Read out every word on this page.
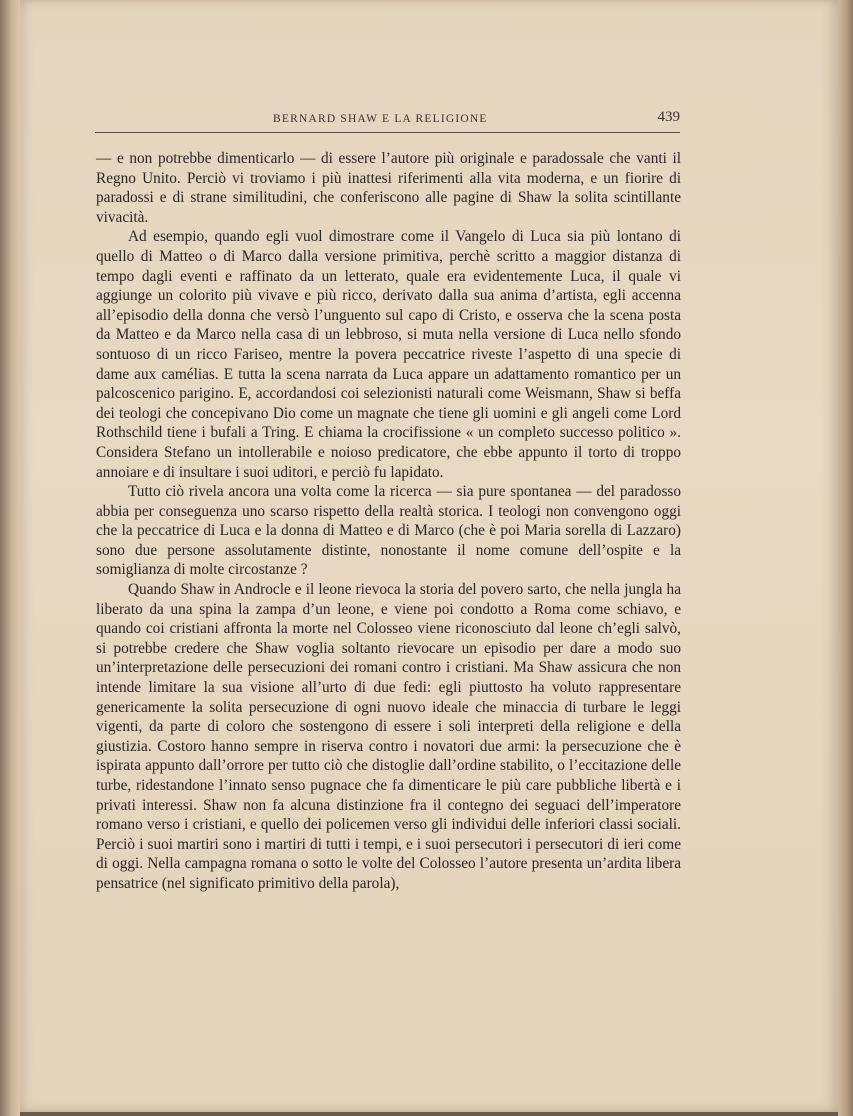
BERNARD SHAW E LA RELIGIONE	439

— e non potrebbe dimenticarlo — di essere l’autore più originale e paradossale che vanti il Regno Unito. Perciò vi troviamo i più inattesi riferimenti alla vita moderna, e un fiorire di paradossi e di strane similitudini, che conferiscono alle pagine di Shaw la solita scintillante vivacità.

Ad esempio, quando egli vuol dimostrare come il Vangelo di Luca sia più lontano di quello di Matteo o di Marco dalla versione primitiva, perchè scritto a maggior distanza di tempo dagli eventi e raffinato da un letterato, quale era evidentemente Luca, il quale vi aggiunge un colorito più vivave e più ricco, derivato dalla sua anima d’artista, egli accenna all’episodio della donna che versò l’unguento sul capo di Cristo, e osserva che la scena posta da Matteo e da Marco nella casa di un lebbroso, si muta nella versione di Luca nello sfondo sontuoso di un ricco Fariseo, mentre la povera peccatrice riveste l’aspetto di una specie di dame aux camélias. E tutta la scena narrata da Luca appare un adattamento romantico per un palcoscenico parigino. E, accordandosi coi selezionisti naturali come Weismann, Shaw si beffa dei teologi che concepivano Dio come un magnate che tiene gli uomini e gli angeli come Lord Rothschild tiene i bufali a Tring. E chiama la crocifissione « un completo successo politico ». Considera Stefano un intollerabile e noioso predicatore, che ebbe appunto il torto di troppo annoiare e di insultare i suoi uditori, e perciò fu lapidato.

Tutto ciò rivela ancora una volta come la ricerca — sia pure spontanea — del paradosso abbia per conseguenza uno scarso rispetto della realtà storica. I teologi non convengono oggi che la peccatrice di Luca e la donna di Matteo e di Marco (che è poi Maria sorella di Lazzaro) sono due persone assolutamente distinte, nonostante il nome comune dell’ospite e la somiglianza di molte circostanze ?

Quando Shaw in Androcle e il leone rievoca la storia del povero sarto, che nella jungla ha liberato da una spina la zampa d’un leone, e viene poi condotto a Roma come schiavo, e quando coi cristiani affronta la morte nel Colosseo viene riconosciuto dal leone ch’egli salvò, si potrebbe credere che Shaw voglia soltanto rievocare un episodio per dare a modo suo un’interpretazione delle persecuzioni dei romani contro i cristiani. Ma Shaw assicura che non intende limitare la sua visione all’urto di due fedi: egli piuttosto ha voluto rappresentare genericamente la solita persecuzione di ogni nuovo ideale che minaccia di turbare le leggi vigenti, da parte di coloro che sostengono di essere i soli interpreti della religione e della giustizia. Costoro hanno sempre in riserva contro i novatori due armi: la persecuzione che è ispirata appunto dall’orrore per tutto ciò che distoglie dall’ordine stabilito, o l’eccitazione delle turbe, ridestandone l’innato senso pugnace che fa dimenticare le più care pubbliche libertà e i privati interessi. Shaw non fa alcuna distinzione fra il contegno dei seguaci dell’imperatore romano verso i cristiani, e quello dei policemen verso gli individui delle inferiori classi sociali. Perciò i suoi martiri sono i martiri di tutti i tempi, e i suoi persecutori i persecutori di ieri come di oggi. Nella campagna romana o sotto le volte del Colosseo l’autore presenta un’ardita libera pensatrice (nel significato primitivo della parola),
